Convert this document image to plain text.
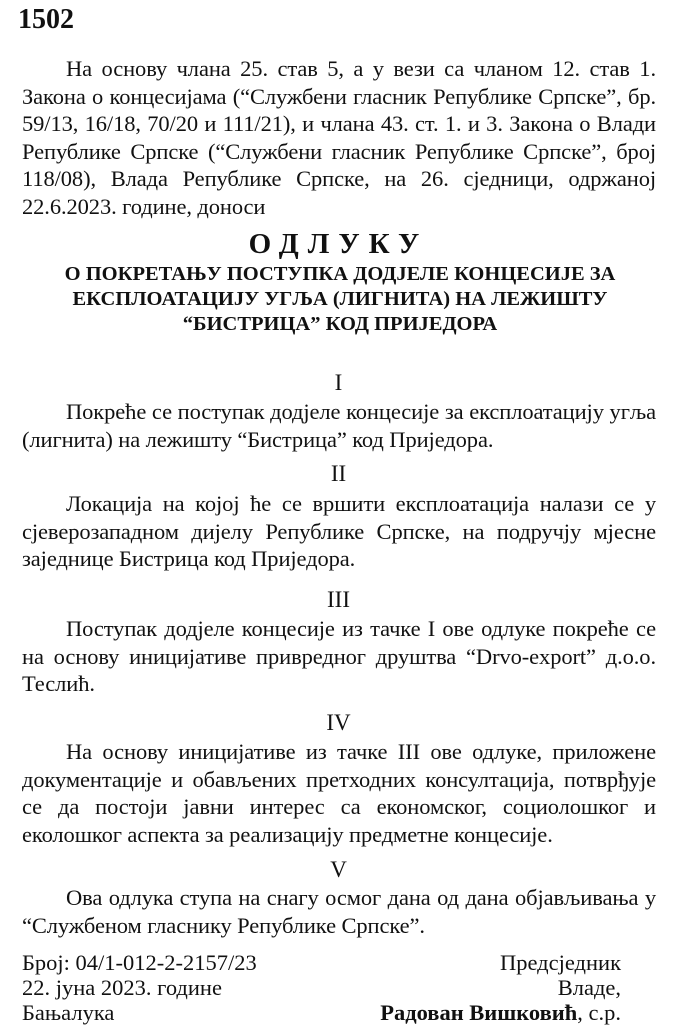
1502
На основу члана 25. став 5, а у вези са чланом 12. став 1. Закона о концесијама (“Службени гласник Републике Српске”, бр. 59/13, 16/18, 70/20 и 111/21), и члана 43. ст. 1. и 3. Закона о Влади Републике Српске (“Службени гласник Републике Српске”, број 118/08), Влада Републике Српске, на 26. сједници, одржаној 22.6.2023. године, доноси
ОДЛУКУ
О ПОКРЕТАЊУ ПОСТУПКА ДОДЈЕЛЕ КОНЦЕСИЈЕ ЗА ЕКСПЛОАТАЦИЈУ УГЉА (ЛИГНИТА) НА ЛЕЖИШТУ “БИСТРИЦА” КОД ПРИЈЕДОРА
I
Покреће се поступак додјеле концесије за експлоатацију угља (лигнита) на лежишту “Бистрица” код Приједора.
II
Локација на којој ће се вршити експлоатација налази се у сјеверозападном дијелу Републике Српске, на подручју мјесне заједнице Бистрица код Приједора.
III
Поступак додјеле концесије из тачке I ове одлуке покреће се на основу иницијативе привредног друштва “Drvo-export” д.о.о. Теслић.
IV
На основу иницијативе из тачке III ове одлуке, приложене документације и обављених претходних консултација, потврђује се да постоји јавни интерес са економског, социолошког и еколошког аспекта за реализацију предметне концесије.
V
Ова одлука ступа на снагу осмог дана од дана објављивања у “Службеном гласнику Републике Српске”.
Број: 04/1-012-2-2157/23
22. јуна 2023. године
Бањалука
Предсједник
Владе,
Радован Вишковић, с.р.
